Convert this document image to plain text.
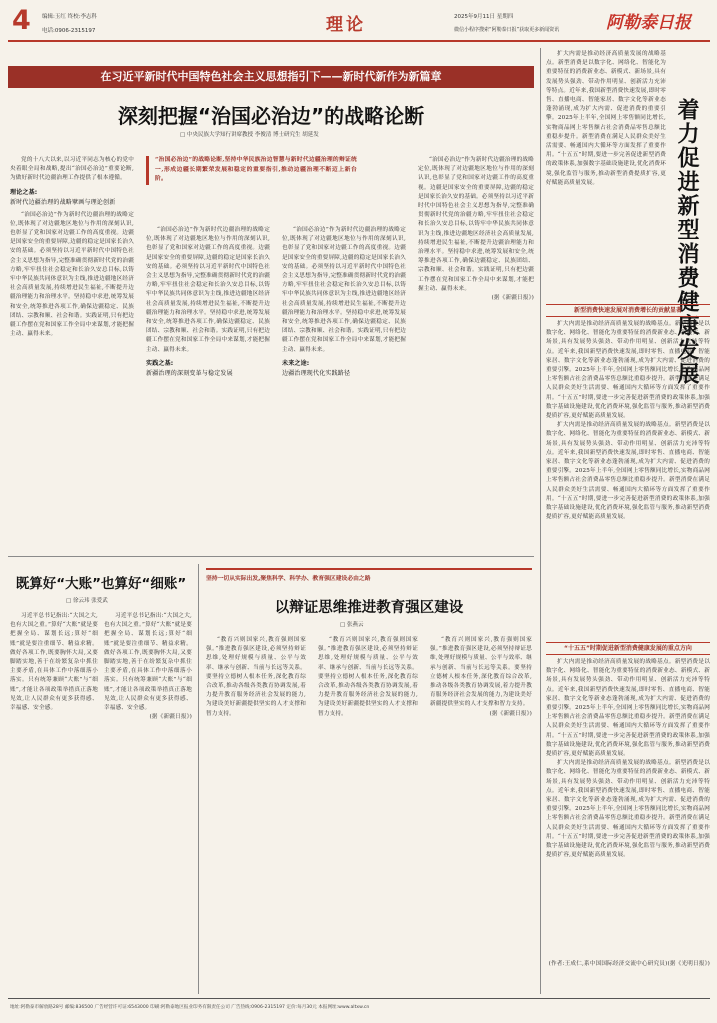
4 编辑:玉红 终校:李志科
电话:0906-2315197	理论	2025年9月11日 星期四
微信小程序搜索“阿勒泰日报”获取更多新闻资讯	阿勒泰日报
在习近平新时代中国特色社会主义思想指引下——新时代新作为新篇章
深刻把握“治国必治边”的战略论断
□ 中央民族大学知行讲席教授 李俊清 博士研究生 胡延发
“治国必治边”的战略论断,坚持中华民族治边智慧与新时代边疆治理的辩证统一,形成边疆长期繁荣发展和稳定的重要指引,推动边疆治理不断迈上新台阶。

党的十八大以来,以习近平同志为核心的党中央着眼全局和战略,提出“治国必治边”重要论断,为做好新时代边疆治理工作提供了根本遵循。

理论之基:
新时代边疆治理的战略擘画与理论创新

“治国必治边”作为新时代边疆治理的战略定位,既体现了对边疆地区地位与作用的深刻认识,也彰显了党和国家对边疆工作的高度重视。边疆是国家安全的重要屏障,边疆的稳定是国家长治久安的基础。必须坚持以习近平新时代中国特色社会主义思想为指导,完整准确贯彻新时代党的治疆方略,牢牢扭住社会稳定和长治久安总目标,以铸牢中华民族共同体意识为主线,推进边疆地区经济社会高质量发展,持续增进民生福祉,不断提升边疆治理能力和治理水平。坚持稳中求进,统筹发展和安全,统筹推进各项工作,确保边疆稳定、民族团结、宗教和顺、社会和谐。实践证明,只有把边疆工作摆在党和国家工作全局中来谋划,才能把握主动、赢得未来。

“治国必治边”作为新时代边疆治理的战略定位,既体现了对边疆地区地位与作用的深刻认识,也彰显了党和国家对边疆工作的高度重视。边疆是国家安全的重要屏障,边疆的稳定是国家长治久安的基础。必须坚持以习近平新时代中国特色社会主义思想为指导,完整准确贯彻新时代党的治疆方略,牢牢扭住社会稳定和长治久安总目标,以铸牢中华民族共同体意识为主线,推进边疆地区经济社会高质量发展,持续增进民生福祉,不断提升边疆治理能力和治理水平。坚持稳中求进,统筹发展和安全,统筹推进各项工作,确保边疆稳定、民族团结、宗教和顺、社会和谐。实践证明,只有把边疆工作摆在党和国家工作全局中来谋划,才能把握主动、赢得未来。

实践之基:
新疆治理的深刻变革与稳定发展

“治国必治边”作为新时代边疆治理的战略定位,既体现了对边疆地区地位与作用的深刻认识,也彰显了党和国家对边疆工作的高度重视。边疆是国家安全的重要屏障,边疆的稳定是国家长治久安的基础。必须坚持以习近平新时代中国特色社会主义思想为指导,完整准确贯彻新时代党的治疆方略,牢牢扭住社会稳定和长治久安总目标,以铸牢中华民族共同体意识为主线,推进边疆地区经济社会高质量发展,持续增进民生福祉,不断提升边疆治理能力和治理水平。坚持稳中求进,统筹发展和安全,统筹推进各项工作,确保边疆稳定、民族团结、宗教和顺、社会和谐。实践证明,只有把边疆工作摆在党和国家工作全局中来谋划,才能把握主动、赢得未来。

未来之途:
边疆治理现代化实践路径

“治国必治边”作为新时代边疆治理的战略定位,既体现了对边疆地区地位与作用的深刻认识,也彰显了党和国家对边疆工作的高度重视。边疆是国家安全的重要屏障,边疆的稳定是国家长治久安的基础。必须坚持以习近平新时代中国特色社会主义思想为指导,完整准确贯彻新时代党的治疆方略,牢牢扭住社会稳定和长治久安总目标,以铸牢中华民族共同体意识为主线,推进边疆地区经济社会高质量发展,持续增进民生福祉,不断提升边疆治理能力和治理水平。坚持稳中求进,统筹发展和安全,统筹推进各项工作,确保边疆稳定、民族团结、宗教和顺、社会和谐。实践证明,只有把边疆工作摆在党和国家工作全局中来谋划,才能把握主动、赢得未来。

(据《新疆日报》)
既算好“大账”也算好“细账”
□ 徐云玮 张爱武

习近平总书记指出:“大国之大,也有大国之重。”算好“大账”就是要把握全局、谋划长远;算好“细账”就是要注重细节、精益求精。做好各项工作,既要胸怀大局,又要脚踏实地,善于在纷繁复杂中抓住主要矛盾,在具体工作中落细落小落实。只有统筹兼顾“大账”与“细账”,才能让各项政策举措真正落地见效,让人民群众有更多获得感、幸福感、安全感。

习近平总书记指出:“大国之大,也有大国之重。”算好“大账”就是要把握全局、谋划长远;算好“细账”就是要注重细节、精益求精。做好各项工作,既要胸怀大局,又要脚踏实地,善于在纷繁复杂中抓住主要矛盾,在具体工作中落细落小落实。只有统筹兼顾“大账”与“细账”,才能让各项政策举措真正落地见效,让人民群众有更多获得感、幸福感、安全感。

(据《新疆日报》)
坚持一切从实际出发,聚焦科学、科学办、教育强区建设必由之路
以辩证思维推进教育强区建设
□ 张燕云

“教育兴则国家兴,教育强则国家强。”推进教育强区建设,必须坚持辩证思维,处理好规模与质量、公平与效率、继承与创新、当前与长远等关系。要坚持立德树人根本任务,深化教育综合改革,推动各级各类教育协调发展,着力提升教育服务经济社会发展的能力,为建设美好新疆提供坚实的人才支撑和智力支持。

“教育兴则国家兴,教育强则国家强。”推进教育强区建设,必须坚持辩证思维,处理好规模与质量、公平与效率、继承与创新、当前与长远等关系。要坚持立德树人根本任务,深化教育综合改革,推动各级各类教育协调发展,着力提升教育服务经济社会发展的能力,为建设美好新疆提供坚实的人才支撑和智力支持。

“教育兴则国家兴,教育强则国家强。”推进教育强区建设,必须坚持辩证思维,处理好规模与质量、公平与效率、继承与创新、当前与长远等关系。要坚持立德树人根本任务,深化教育综合改革,推动各级各类教育协调发展,着力提升教育服务经济社会发展的能力,为建设美好新疆提供坚实的人才支撑和智力支持。

(据《新疆日报》)
着力促进新型消费健康发展

扩大内需是推动经济高质量发展的战略基点。新型消费是以数字化、网络化、智能化为重要特征的消费新业态、新模式、新场景,具有发展势头强劲、带动作用明显、创新活力充沛等特点。近年来,我国新型消费快速发展,即时零售、直播电商、智能家居、数字文化等新业态蓬勃涌现,成为扩大内需、促进消费的重要引擎。2025年上半年,全国网上零售额同比增长,实物商品网上零售额占社会消费品零售总额比重稳步提升。新型消费在满足人民群众美好生活需要、畅通国内大循环等方面发挥了重要作用。“十五五”时期,要进一步完善促进新型消费的政策体系,加强数字基础设施建设,优化消费环境,强化监管与服务,推动新型消费提质扩容,更好赋能高质量发展。

新型消费快速发展对消费增长的贡献显著

扩大内需是推动经济高质量发展的战略基点。新型消费是以数字化、网络化、智能化为重要特征的消费新业态、新模式、新场景,具有发展势头强劲、带动作用明显、创新活力充沛等特点。近年来,我国新型消费快速发展,即时零售、直播电商、智能家居、数字文化等新业态蓬勃涌现,成为扩大内需、促进消费的重要引擎。2025年上半年,全国网上零售额同比增长,实物商品网上零售额占社会消费品零售总额比重稳步提升。新型消费在满足人民群众美好生活需要、畅通国内大循环等方面发挥了重要作用。“十五五”时期,要进一步完善促进新型消费的政策体系,加强数字基础设施建设,优化消费环境,强化监管与服务,推动新型消费提质扩容,更好赋能高质量发展。

扩大内需是推动经济高质量发展的战略基点。新型消费是以数字化、网络化、智能化为重要特征的消费新业态、新模式、新场景,具有发展势头强劲、带动作用明显、创新活力充沛等特点。近年来,我国新型消费快速发展,即时零售、直播电商、智能家居、数字文化等新业态蓬勃涌现,成为扩大内需、促进消费的重要引擎。2025年上半年,全国网上零售额同比增长,实物商品网上零售额占社会消费品零售总额比重稳步提升。新型消费在满足人民群众美好生活需要、畅通国内大循环等方面发挥了重要作用。“十五五”时期,要进一步完善促进新型消费的政策体系,加强数字基础设施建设,优化消费环境,强化监管与服务,推动新型消费提质扩容,更好赋能高质量发展。

“十五五”时期促进新型消费健康发展的重点方向

扩大内需是推动经济高质量发展的战略基点。新型消费是以数字化、网络化、智能化为重要特征的消费新业态、新模式、新场景,具有发展势头强劲、带动作用明显、创新活力充沛等特点。近年来,我国新型消费快速发展,即时零售、直播电商、智能家居、数字文化等新业态蓬勃涌现,成为扩大内需、促进消费的重要引擎。2025年上半年,全国网上零售额同比增长,实物商品网上零售额占社会消费品零售总额比重稳步提升。新型消费在满足人民群众美好生活需要、畅通国内大循环等方面发挥了重要作用。“十五五”时期,要进一步完善促进新型消费的政策体系,加强数字基础设施建设,优化消费环境,强化监管与服务,推动新型消费提质扩容,更好赋能高质量发展。

扩大内需是推动经济高质量发展的战略基点。新型消费是以数字化、网络化、智能化为重要特征的消费新业态、新模式、新场景,具有发展势头强劲、带动作用明显、创新活力充沛等特点。近年来,我国新型消费快速发展,即时零售、直播电商、智能家居、数字文化等新业态蓬勃涌现,成为扩大内需、促进消费的重要引擎。2025年上半年,全国网上零售额同比增长,实物商品网上零售额占社会消费品零售总额比重稳步提升。新型消费在满足人民群众美好生活需要、畅通国内大循环等方面发挥了重要作用。“十五五”时期,要进一步完善促进新型消费的政策体系,加强数字基础设施建设,优化消费环境,强化监管与服务,推动新型消费提质扩容,更好赋能高质量发展。

(作者:王成仁,系中国国际经济交流中心研究员)(据《光明日报》)
地址:阿勒泰市解放路28号 邮编:836500 广告经营许可证:6543000 印刷:阿勒泰地区报业印务有限责任公司 广告热线:0906-2315197 定价:每月30元 本报网址:www.altxw.cn
